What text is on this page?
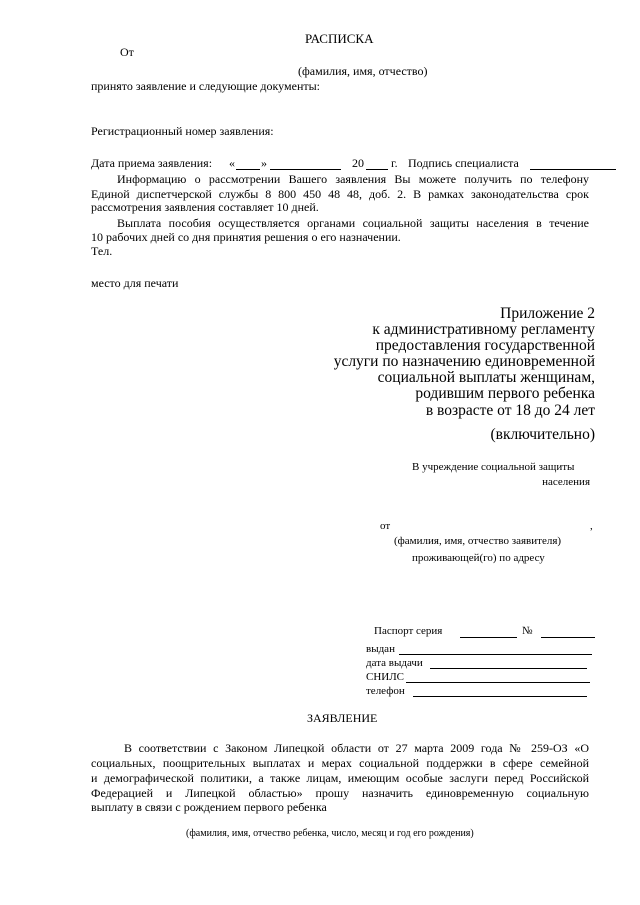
РАСПИСКА
От
(фамилия, имя, отчество)
принято заявление и следующие документы:
Регистрационный номер заявления:
Дата приема заявления: « »	20 г. Подпись специалиста
Информацию о рассмотрении Вашего заявления Вы можете получить по телефону
Единой диспетчерской службы 8 800 450 48 48, доб. 2. В рамках законодательства срок
рассмотрения заявления составляет 10 дней.
Выплата пособия осуществляется органами социальной защиты населения в течение
10 рабочих дней со дня принятия решения о его назначении.
Тел.
место для печати
Приложение 2
к административному регламенту
предоставления государственной
услуги по назначению единовременной
социальной выплаты женщинам,
родившим первого ребенка
в возрасте от 18 до 24 лет
(включительно)
В учреждение социальной защиты
населения
от	,
(фамилия, имя, отчество заявителя)
проживающей(го) по адресу
Паспорт серия	№
выдан
дата выдачи
СНИЛС
телефон
ЗАЯВЛЕНИЕ
В соответствии с Законом Липецкой области от 27 марта 2009 года № 259-ОЗ «О
социальных, поощрительных выплатах и мерах социальной поддержки в сфере семейной
и демографической политики, а также лицам, имеющим особые заслуги перед Российской
Федерацией и Липецкой областью» прошу назначить единовременную социальную
выплату в связи с рождением первого ребенка
(фамилия, имя, отчество ребенка, число, месяц и год его рождения)
